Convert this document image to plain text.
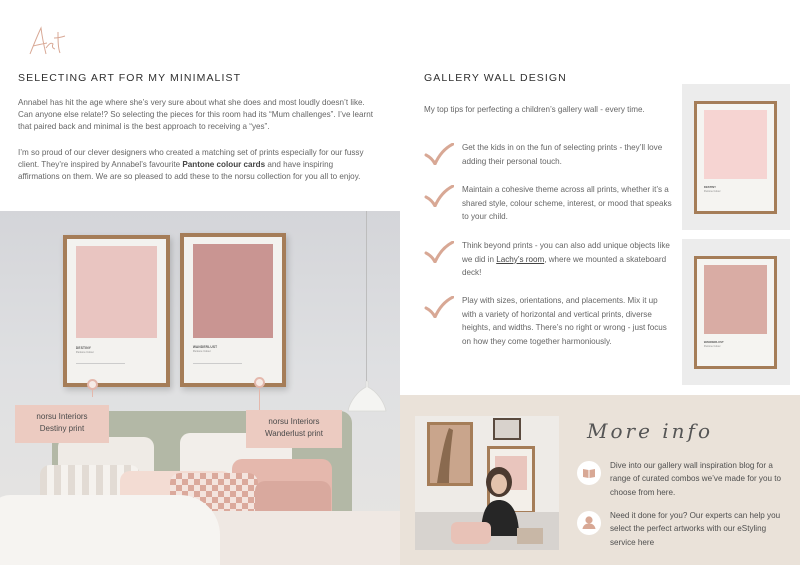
SELECTING ART FOR MY MINIMALIST

Annabel has hit the age where she’s very sure about what she does and most loudly doesn’t like. Can anyone else relate!? So selecting the pieces for this room had its “Mum challenges”. I’ve learnt that paired back and minimal is the best approach to receiving a “yes”.

I’m so proud of our clever designers who created a matching set of prints especially for our fussy client. They’re inspired by Annabel’s favourite Pantone colour cards and have inspiring affirmations on them. We are so pleased to add these to the norsu collection for you all to enjoy.

DESTINY
Pantone Colour
WANDERLUST
Pantone Colour
norsu Interiors
Destiny print
norsu Interiors
Wanderlust print
GALLERY WALL DESIGN

My top tips for perfecting a children’s gallery wall - every time.

Get the kids in on the fun of selecting prints - they’ll love adding their personal touch.
Maintain a cohesive theme across all prints, whether it’s a shared style, colour scheme, interest, or mood that speaks to your child.
Think beyond prints - you can also add unique objects like we did in Lachy’s room, where we mounted a skateboard deck!
Play with sizes, orientations, and placements. Mix it up with a variety of horizontal and vertical prints, diverse heights, and widths. There’s no right or wrong - just focus on how they come together harmoniously.
DESTINY
Pantone Colour
WANDERLUST
Pantone Colour
More info
Dive into our gallery wall inspiration blog for a range of curated combos we’ve made for you to choose from here.
Need it done for you? Our experts can help you select the perfect artworks with our eStyling service here
